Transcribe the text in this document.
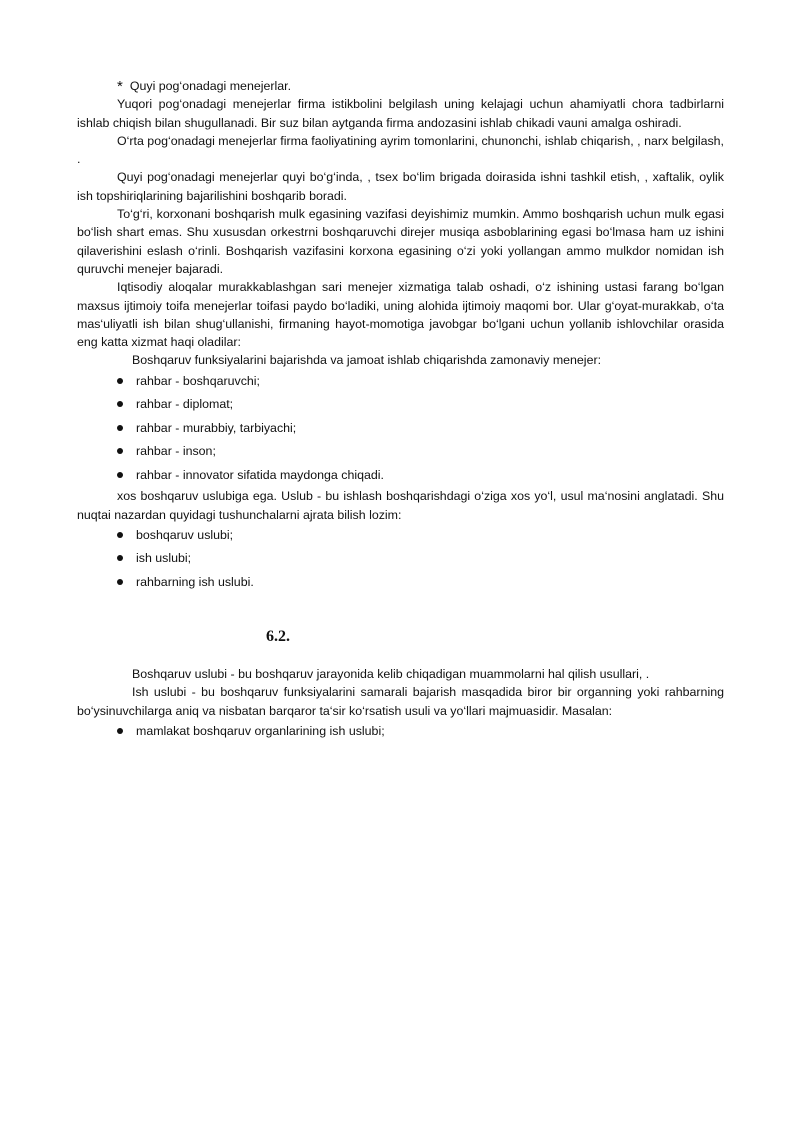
* Quyi pog‘onadagi menejerlar.

Yuqori pog‘onadagi menejerlar firma istikbolini belgilash uning kelajagi uchun ahamiyatli chora tadbirlarni ishlab chiqish bilan shugullanadi. Bir suz bilan aytganda firma andozasini ishlab chikadi vauni amalga oshiradi.

O‘rta pog‘onadagi menejerlar firma faoliyatining ayrim tomonlarini, chunonchi, ishlab chiqarish, , narx belgilash, .

Quyi pog‘onadagi menejerlar quyi bo‘g‘inda, , tsex bo‘lim brigada doirasida ishni tashkil etish, , xaftalik, oylik ish topshiriqlarining bajarilishini boshqarib boradi.

To‘g‘ri, korxonani boshqarish mulk egasining vazifasi deyishimiz mumkin. Ammo boshqarish uchun mulk egasi bo‘lish shart emas. Shu xususdan orkestrni boshqaruvchi direjer musiqa asboblarining egasi bo‘lmasa ham uz ishini qilaverishini eslash o‘rinli. Boshqarish vazifasini korxona egasining o‘zi yoki yollangan ammo mulkdor nomidan ish quruvchi menejer bajaradi.

Iqtisodiy aloqalar murakkablashgan sari menejer xizmatiga talab oshadi, o‘z ishining ustasi farang bo‘lgan maxsus ijtimoiy toifa menejerlar toifasi paydo bo‘ladiki, uning alohida ijtimoiy maqomi bor. Ular g‘oyat-murakkab, o‘ta mas‘uliyatli ish bilan shug‘ullanishi, firmaning hayot-momotiga javobgar bo‘lgani uchun yollanib ishlovchilar orasida eng katta xizmat haqi oladilar:

Boshqaruv funksiyalarini bajarishda va jamoat ishlab chiqarishda zamonaviy menejer:

rahbar - boshqaruvchi;
rahbar - diplomat;
rahbar - murabbiy, tarbiyachi;
rahbar - inson;
rahbar - innovator sifatida maydonga chiqadi.

xos boshqaruv uslubiga ega. Uslub - bu ishlash boshqarishdagi o‘ziga xos yo‘l, usul ma‘nosini anglatadi. Shu nuqtai nazardan quyidagi tushunchalarni ajrata bilish lozim:

boshqaruv uslubi;
ish uslubi;
rahbarning ish uslubi.
6.2.

Boshqaruv uslubi - bu boshqaruv jarayonida kelib chiqadigan muammolarni hal qilish usullari, .

Ish uslubi - bu boshqaruv funksiyalarini samarali bajarish masqadida biror bir organning yoki rahbarning bo‘ysinuvchilarga aniq va nisbatan barqaror ta‘sir ko‘rsatish usuli va yo‘llari majmuasidir. Masalan:

mamlakat boshqaruv organlarining ish uslubi;
